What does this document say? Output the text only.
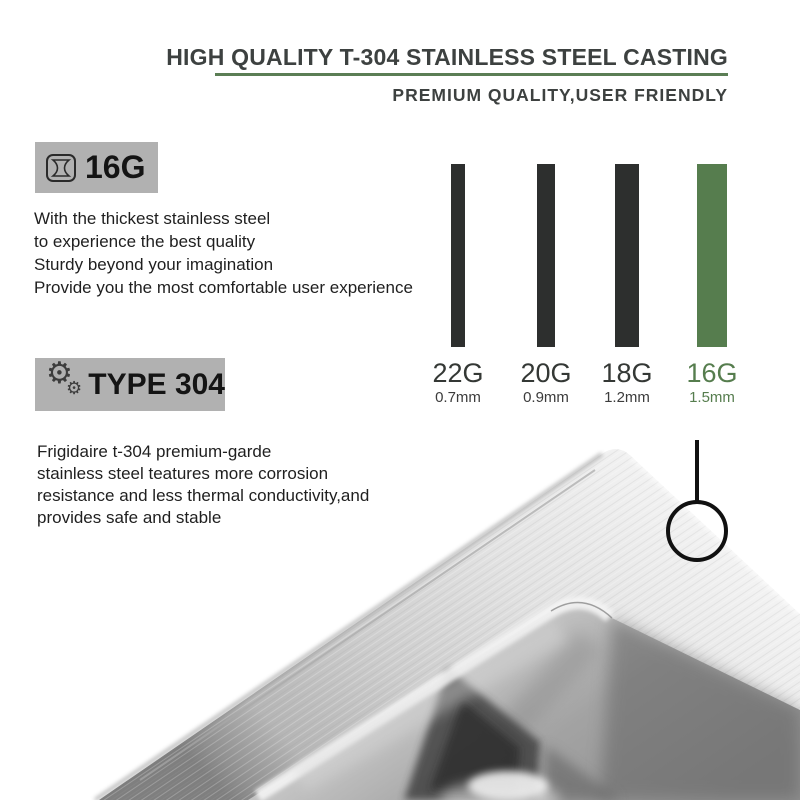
HIGH QUALITY T-304 STAINLESS STEEL CASTING
PREMIUM QUALITY,USER FRIENDLY
16G
With the thickest stainless steel
to experience the best quality
Sturdy beyond your imagination
Provide you the most comfortable user experience
⚙
⚙ TYPE 304
Frigidaire t-304 premium-garde
stainless steel teatures more corrosion
resistance and less thermal conductivity,and
provides safe and stable
22G
0.7mm
20G
0.9mm
18G
1.2mm
16G
1.5mm
